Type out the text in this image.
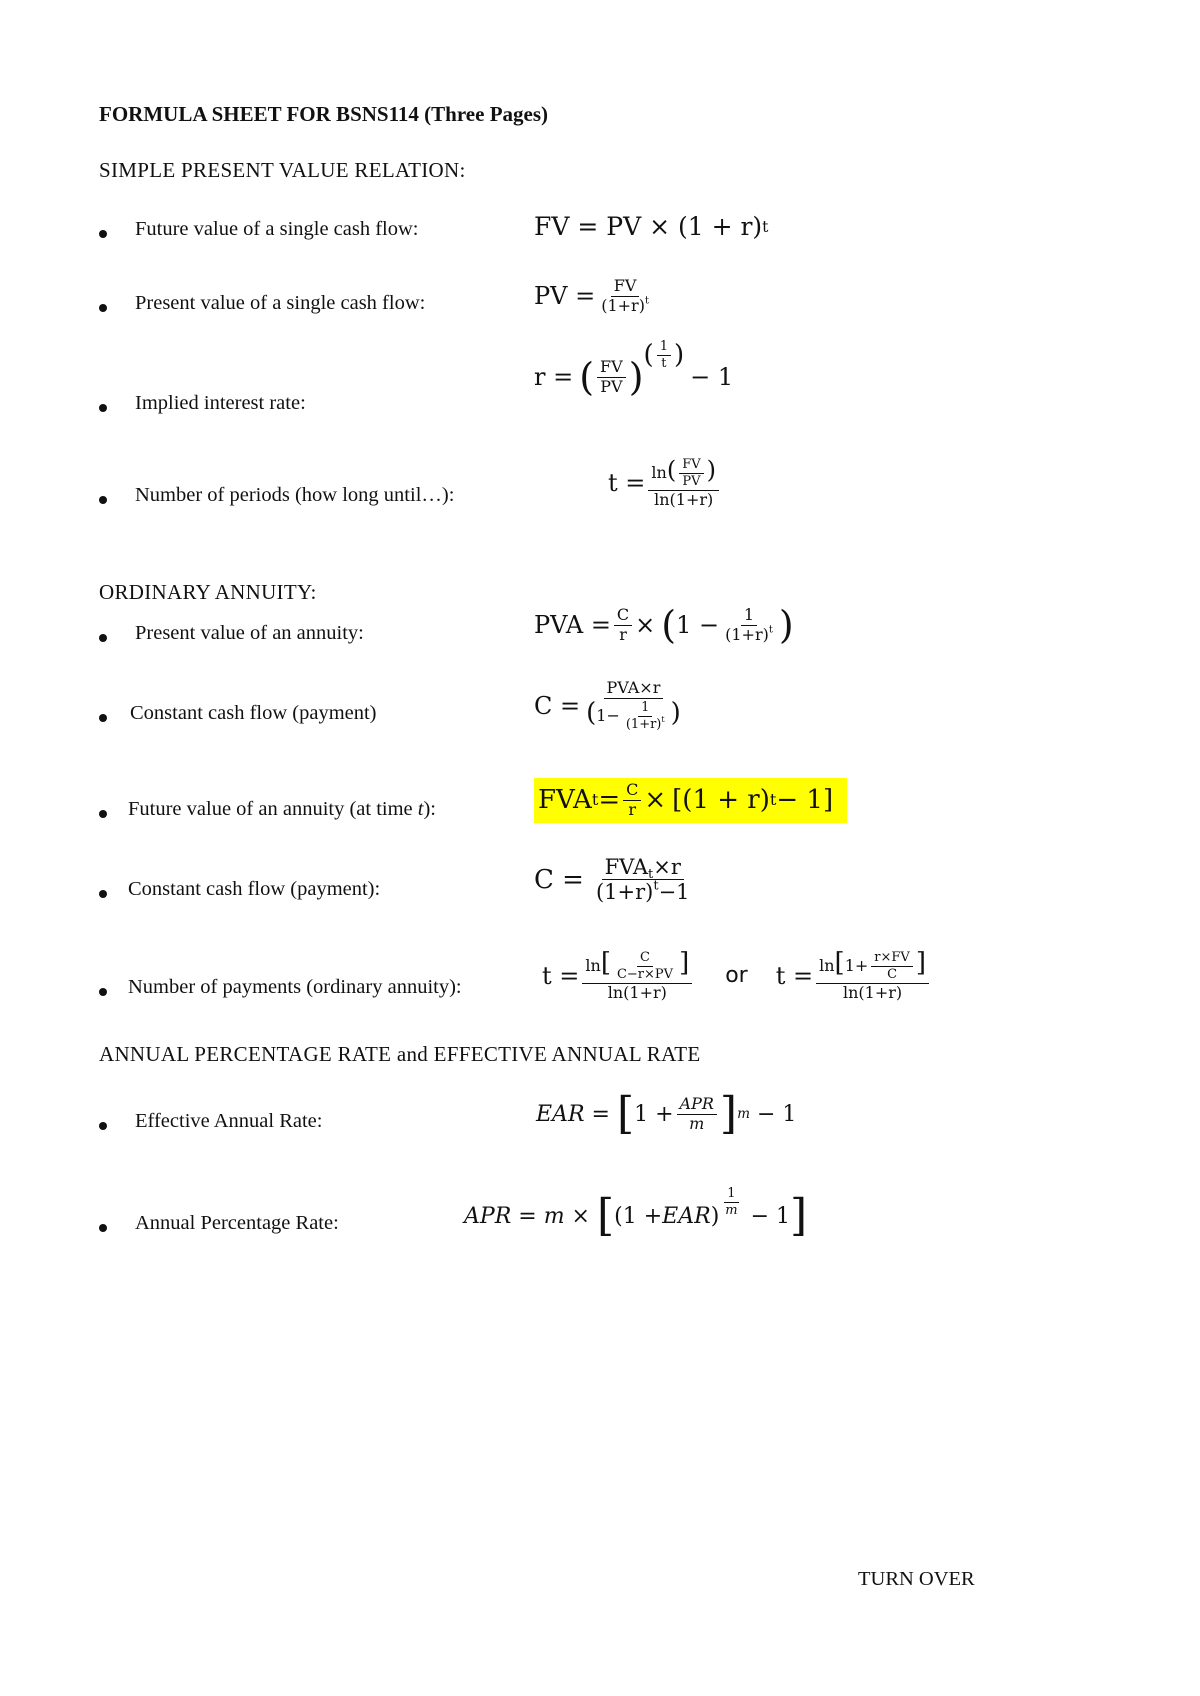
FORMULA SHEET FOR BSNS114 (Three Pages)
SIMPLE PRESENT VALUE RELATION:
Future value of a single cash flow:	FV = PV × (1 + r) t
Present value of a single cash flow:	PV = $\frac{FV}{(1+r)^t}$
Implied interest rate:
r = ( $\frac{FV}{PV}$ ) ( $\frac{1}{t}$ )
− 1
Number of periods (how long until…):	$t = \frac{\ln( \frac{FV}{PV} )}{\ln(1+r)}$
ORDINARY ANNUITY:
Present value of an annuity:	PVA = $\frac{C}{r}$ × ( $1 - \frac{1}{(1+r)^t}$ )
Constant cash flow (payment)	$C = \frac{\text{PVA×r}}{(1- \frac{1}{(1+r)^t} )}$
Future value of an annuity (at time t):	FVA $t = \frac{C}{r}$ ×
[(1 + r) t − 1]
Constant cash flow (payment):	$C = \frac{FVA_t\times r}{(1+r)^t-1}$
Number of payments (ordinary annuity):	$t = \frac{\ln[ \frac{C}{C-r\times PV} ]}{\ln(1+r)}$ or $t = \frac{\ln[1+ \frac{r\times FV}{C} ]}{\ln(1+r)}$
ANNUAL PERCENTAGE RATE and EFFECTIVE ANNUAL RATE
Effective Annual Rate:	EAR = [ $1 + \frac{\text{APR}}{m}$ ] m − 1
Annual Percentage Rate:	APR = m × [ (1 + EAR ) $\frac{1}{m} - 1$ ]
TURN OVER
